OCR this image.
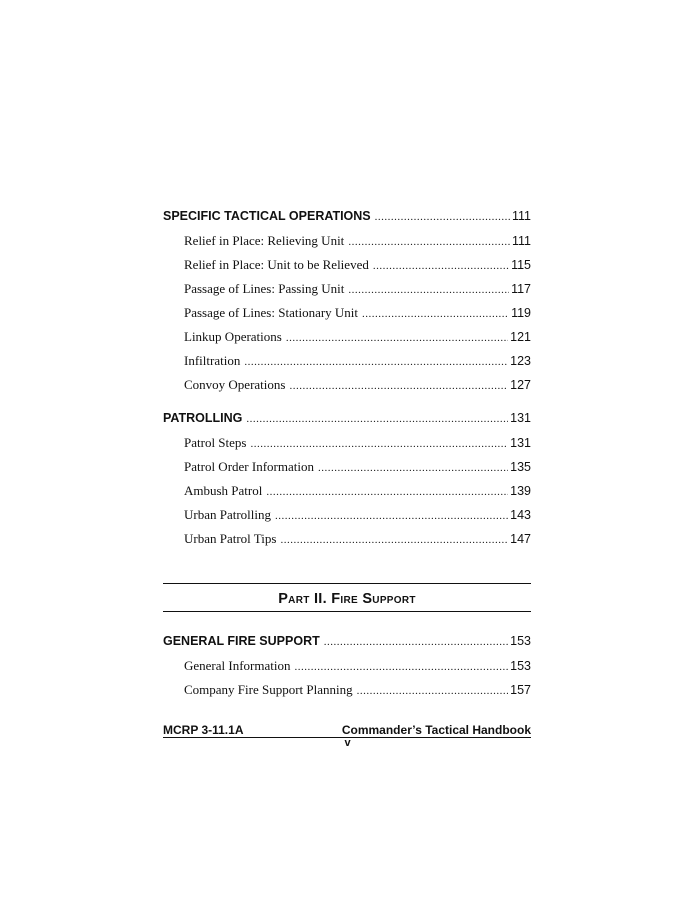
SPECIFIC TACTICAL OPERATIONS .....	111
Relief in Place: Relieving Unit .....	111
Relief in Place: Unit to be Relieved .....	115
Passage of Lines: Passing Unit .....	117
Passage of Lines: Stationary Unit .....	119
Linkup Operations .....	121
Infiltration .....	123
Convoy Operations .....	127
PATROLLING .....	131
Patrol Steps .....	131
Patrol Order Information .....	135
Ambush Patrol .....	139
Urban Patrolling .....	143
Urban Patrol Tips .....	147
Part II. Fire Support
GENERAL FIRE SUPPORT .....	153
General Information .....	153
Company Fire Support Planning .....	157
MCRP 3-11.1A	Commander’s Tactical Handbook
v
